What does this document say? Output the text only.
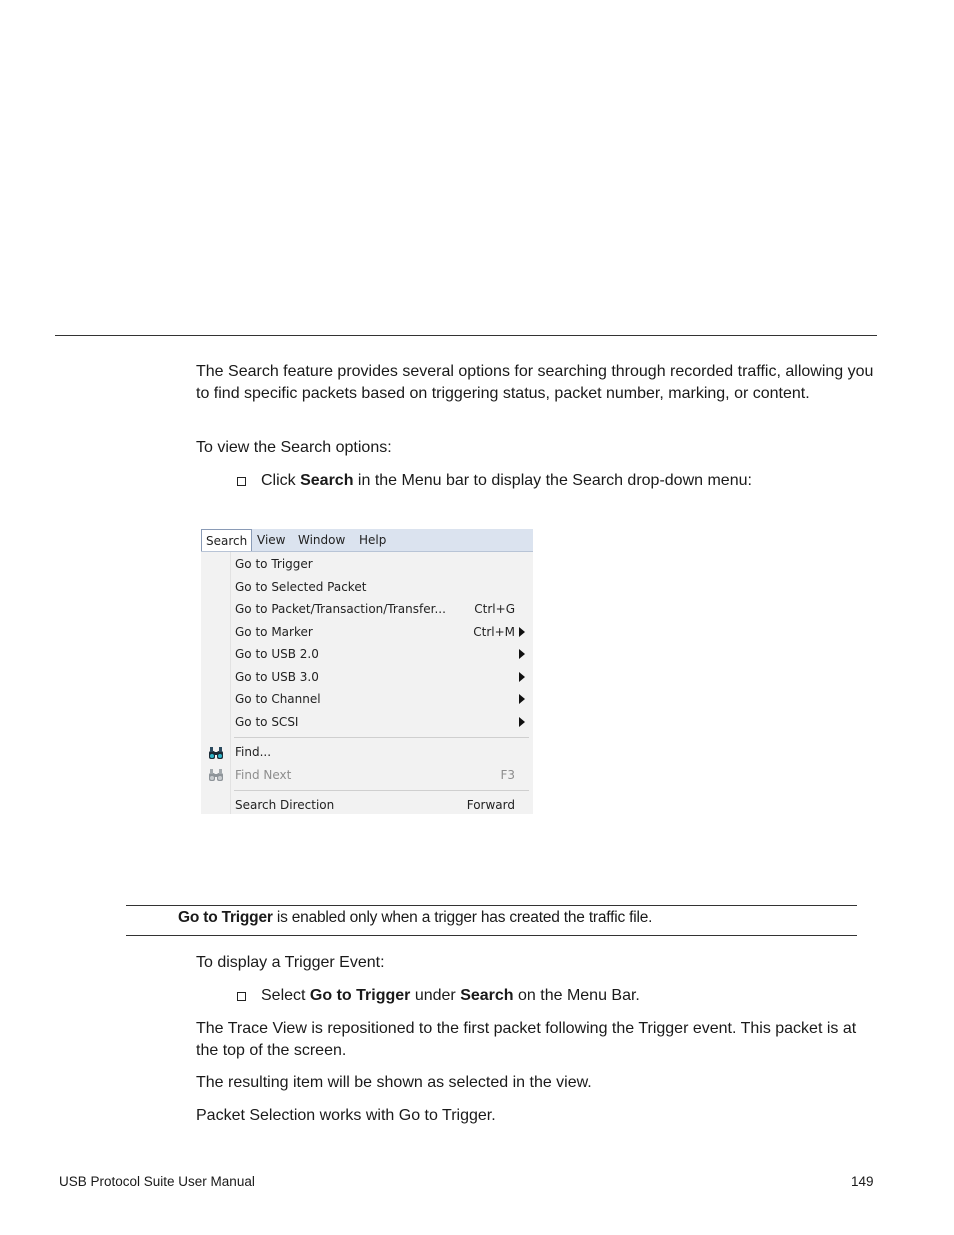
The Search feature provides several options for searching through recorded traffic, allowing you to find specific packets based on triggering status, packet number, marking, or content.

To view the Search options:

Click Search in the Menu bar to display the Search drop-down menu:
Search View Window Help
Go to Trigger
Go to Selected Packet
Go to Packet/Transaction/Transfer... Ctrl+G
Go to Marker	Ctrl+M
Go to USB 2.0
Go to USB 3.0
Go to Channel
Go to SCSI
Find...
Find Next	F3
Search Direction	Forward
Go to Trigger is enabled only when a trigger has created the traffic file.

To display a Trigger Event:

Select Go to Trigger under Search on the Menu Bar.

The Trace View is repositioned to the first packet following the Trigger event. This packet is at the top of the screen.

The resulting item will be shown as selected in the view.

Packet Selection works with Go to Trigger.

USB Protocol Suite User Manual	149
